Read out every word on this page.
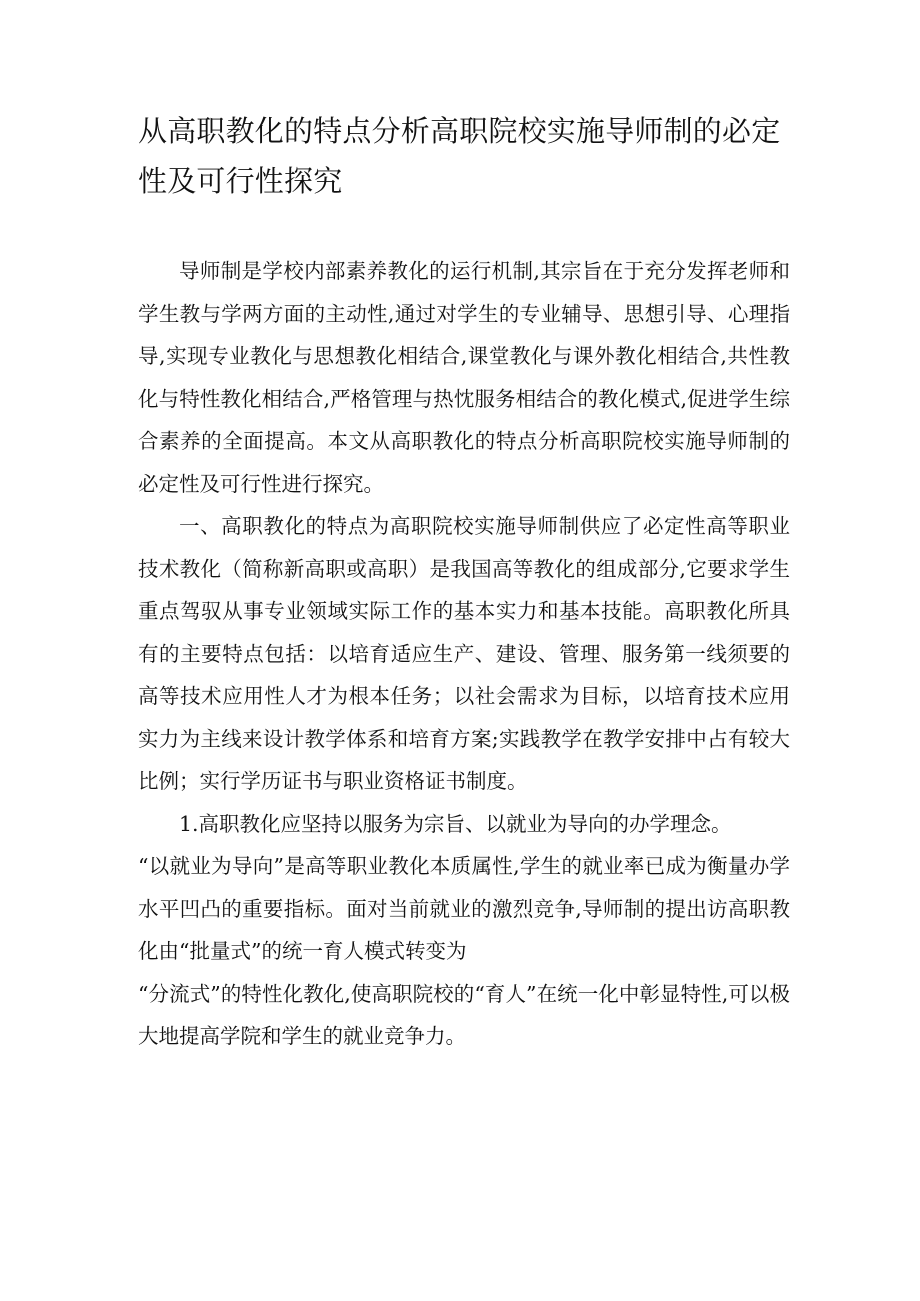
从高职教化的特点分析高职院校实施导师制的必定性及可行性探究

导师制是学校内部素养教化的运行机制,其宗旨在于充分发挥老师和学生教与学两方面的主动性,通过对学生的专业辅导、思想引导、心理指导,实现专业教化与思想教化相结合,课堂教化与课外教化相结合,共性教化与特性教化相结合,严格管理与热忱服务相结合的教化模式,促进学生综合素养的全面提高。本文从高职教化的特点分析高职院校实施导师制的必定性及可行性进行探究。

一、高职教化的特点为高职院校实施导师制供应了必定性高等职业技术教化（简称新高职或高职）是我国高等教化的组成部分,它要求学生重点驾驭从事专业领域实际工作的基本实力和基本技能。高职教化所具有的主要特点包括：以培育适应生产、建设、管理、服务第一线须要的高等技术应用性人才为根本任务；以社会需求为目标，以培育技术应用实力为主线来设计教学体系和培育方案;实践教学在教学安排中占有较大比例；实行学历证书与职业资格证书制度。

1.高职教化应坚持以服务为宗旨、以就业为导向的办学理念。

“以就业为导向”是高等职业教化本质属性,学生的就业率已成为衡量办学水平凹凸的重要指标。面对当前就业的激烈竞争,导师制的提出访高职教化由“批量式”的统一育人模式转变为

“分流式”的特性化教化,使高职院校的“育人”在统一化中彰显特性,可以极大地提高学院和学生的就业竞争力。
